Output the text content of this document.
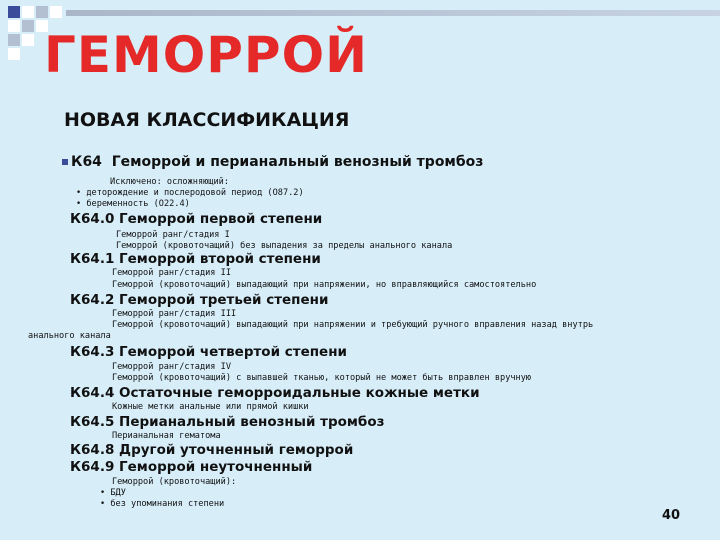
ГЕМОРРОЙ
НОВАЯ КЛАССИФИКАЦИЯ
К64 Геморрой и перианальный венозный тромбоз
Исключено: осложняющий:
• деторождение и послеродовой период (O87.2)
• беременность (O22.4)
К64.0 Геморрой первой степени
Геморрой ранг/стадия I
Геморрой (кровоточащий) без выпадения за пределы анального канала
К64.1 Геморрой второй степени
Геморрой ранг/стадия II
Геморрой (кровоточащий) выпадающий при напряжении, но вправляющийся самостоятельно
К64.2 Геморрой третьей степени
Геморрой ранг/стадия III
Геморрой (кровоточащий) выпадающий при напряжении и требующий ручного вправления назад внутрь
анального канала
К64.3 Геморрой четвертой степени
Геморрой ранг/стадия IV
Геморрой (кровоточащий) с выпавшей тканью, который не может быть вправлен вручную
К64.4 Остаточные геморроидальные кожные метки
Кожные метки анальные или прямой кишки
К64.5 Перианальный венозный тромбоз
Перианальная гематома
К64.8 Другой уточненный геморрой
К64.9 Геморрой неуточненный
Геморрой (кровоточащий):
• БДУ
• без упоминания степени
40
